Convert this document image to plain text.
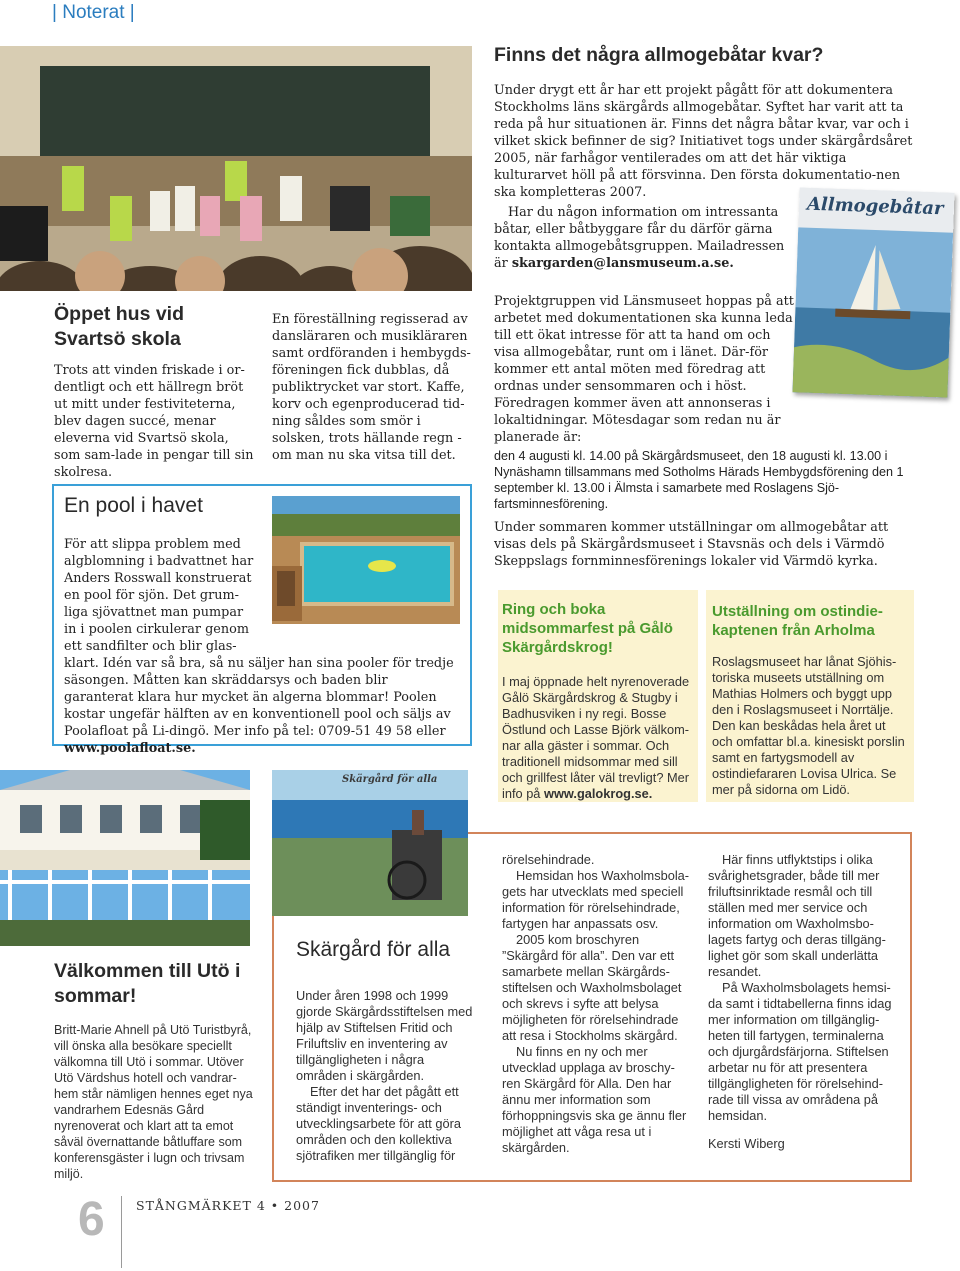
| Noterat |
Finns det några allmogebåtar kvar?
Under drygt ett år har ett projekt pågått för att dokumentera Stockholms läns skärgårds allmogebåtar. Syftet har varit att ta reda på hur situationen är. Finns det några båtar kvar, var och i vilket skick befinner de sig? Initiativet togs under skärgårdsåret 2005, när farhågor ventilerades om att det här viktiga kulturarvet höll på att försvinna. Den första dokumentatio-nen ska kompletteras 2007.
Har du någon information om intressanta båtar, eller båtbyggare får du därför gärna kontakta allmogebåtsgruppen. Mailadressen är skargarden@lansmuseum.a.se.
Allmogebåtar
Projektgruppen vid Länsmuseet hoppas på att arbetet med dokumentationen ska kunna leda till ett ökat intresse för att ta hand om och visa allmogebåtar, runt om i länet. Där-för kommer ett antal möten med föredrag att ordnas under sensommaren och i höst. Föredragen kommer även att annonseras i lokaltidningar. Mötesdagar som redan nu är planerade är:
den 4 augusti kl. 14.00 på Skärgårdsmuseet, den 18 augusti kl. 13.00 i Nynäshamn tillsammans med Sotholms Härads Hembygdsförening den 1 september kl. 13.00 i Älmsta i samarbete med Roslagens Sjö-fartsminnesförening.
Under sommaren kommer utställningar om allmogebåtar att visas dels på Skärgårdsmuseet i Stavsnäs och dels i Värmdö Skeppslags fornminnesförenings lokaler vid Värmdö kyrka.
Öppet hus vid
Svartsö skola
Trots att vinden friskade i or-dentligt och ett hällregn bröt ut mitt under festiviteterna, blev dagen succé, menar eleverna vid Svartsö skola, som sam-lade in pengar till sin skolresa.
En föreställning regisserad av dansläraren och musikläraren samt ordföranden i hembygds-föreningen fick dubblas, då publiktrycket var stort. Kaffe, korv och egenproducerad tid-ning såldes som smör i solsken, trots hällande regn - om man nu ska vitsa till det.
En pool i havet
För att slippa problem med algblomning i badvattnet har Anders Rosswall konstruerat en pool för sjön. Det grum-liga sjövattnet man pumpar in i poolen cirkulerar genom ett sandfilter och blir glas-
klart. Idén var så bra, så nu säljer han sina pooler för tredje säsongen. Måtten kan skräddarsys och baden blir garanterat klara hur mycket än algerna blommar! Poolen kostar ungefär hälften av en konventionell pool och säljs av Poolafloat på Li-dingö. Mer info på tel: 0709-51 49 58 eller www.poolafloat.se.
Ring och boka midsommarfest på Gålö Skärgårdskrog!
I maj öppnade helt nyrenoverade Gålö Skärgårdskrog & Stugby i Badhusviken i ny regi. Bosse Östlund och Lasse Björk välkom-nar alla gäster i sommar. Och traditionell midsommar med sill och grillfest låter väl trevligt? Mer info på www.galokrog.se.
Utställning om ostindie-kaptenen från Arholma
Roslagsmuseet har lånat Sjöhis-toriska museets utställning om Mathias Holmers och byggt upp den i Roslagsmuseet i Norrtälje. Den kan beskådas hela året ut och omfattar bl.a. kinesiskt porslin samt en fartygsmodell av ostindiefararen Lovisa Ulrica. Se mer på sidorna om Lidö.
Välkommen till Utö i sommar!
Britt-Marie Ahnell på Utö Turistbyrå, vill önska alla besökare speciellt välkomna till Utö i sommar. Utöver Utö Värdshus hotell och vandrar-hem står nämligen hennes eget nya vandrarhem Edesnäs Gård nyrenoverat och klart att ta emot såväl övernattande båtluffare som konferensgäster i lugn och trivsam miljö.
Skärgård för alla
Skärgård för alla
Under åren 1998 och 1999 gjorde Skärgårdsstiftelsen med hjälp av Stiftelsen Fritid och Friluftsliv en inventering av tillgängligheten i några områden i skärgården.
Efter det har det pågått ett ständigt inventerings- och utvecklingsarbete för att göra områden och den kollektiva sjötrafiken mer tillgänglig för
rörelsehindrade.
Hemsidan hos Waxholmsbola-gets har utvecklats med speciell information för rörelsehindrade, fartygen har anpassats osv.
2005 kom broschyren ”Skärgård för alla”. Den var ett samarbete mellan Skärgårds-stiftelsen och Waxholmsbolaget och skrevs i syfte att belysa möjligheten för rörelsehindrade att resa i Stockholms skärgård.
Nu finns en ny och mer utvecklad upplaga av broschy-ren Skärgård för Alla. Den har ännu mer information som förhoppningsvis ska ge ännu fler möjlighet att våga resa ut i skärgården.
Här finns utflyktstips i olika svårighetsgrader, både till mer friluftsinriktade resmål och till ställen med mer service och information om Waxholmsbo-lagets fartyg och deras tillgäng-lighet gör som skall underlätta resandet.
På Waxholmsbolagets hemsi-da samt i tidtabellerna finns idag mer information om tillgänglig-heten till fartygen, terminalerna och djurgårdsfärjorna. Stiftelsen arbetar nu för att presentera tillgängligheten för rörelsehind-rade till vissa av områdena på hemsidan.
Kersti Wiberg
6	STÅNGMÄRKET 4 • 2007
